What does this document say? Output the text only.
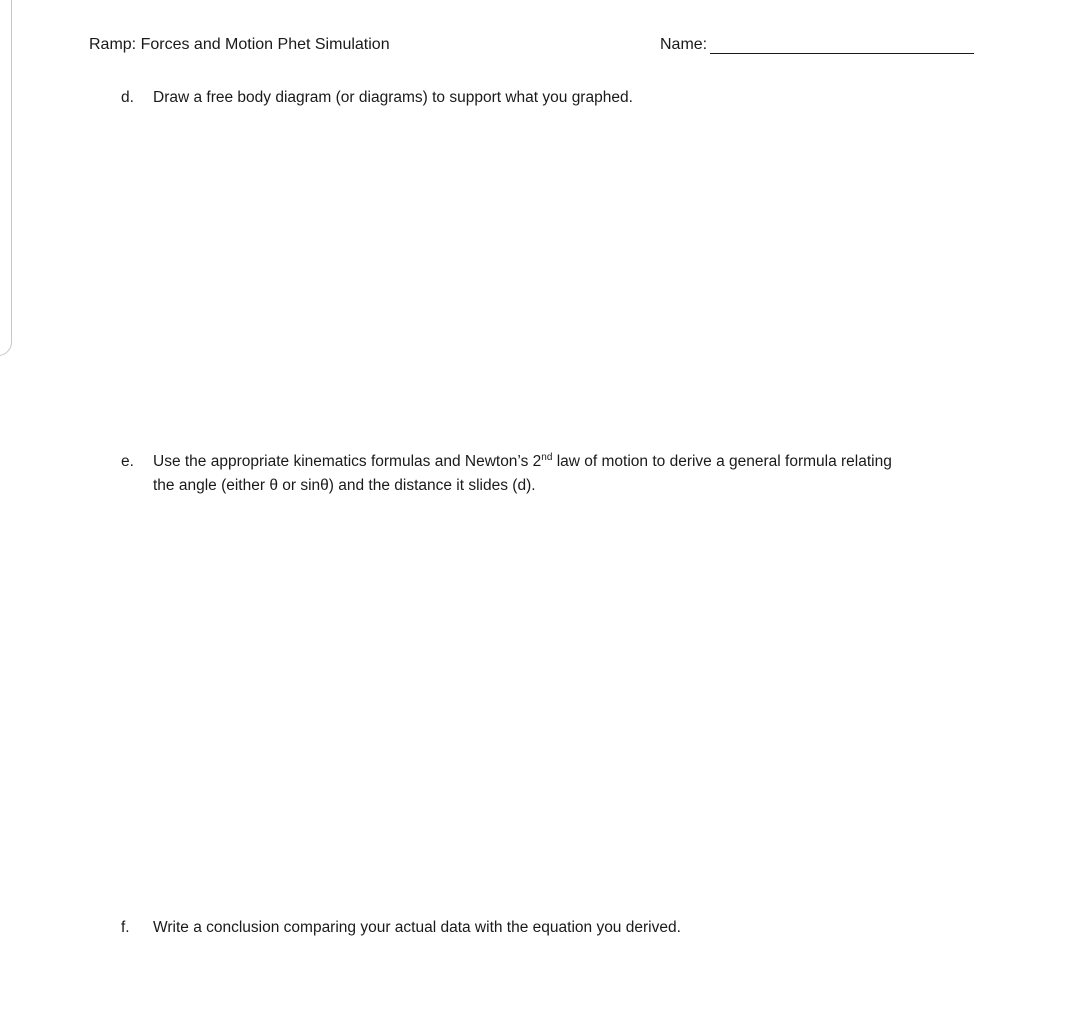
Ramp: Forces and Motion Phet Simulation	Name:
d.	Draw a free body diagram (or diagrams) to support what you graphed.
e.	Use the appropriate kinematics formulas and Newton’s 2nd law of motion to derive a general formula relating
the angle (either θ or sinθ) and the distance it slides (d).
f.	Write a conclusion comparing your actual data with the equation you derived.
